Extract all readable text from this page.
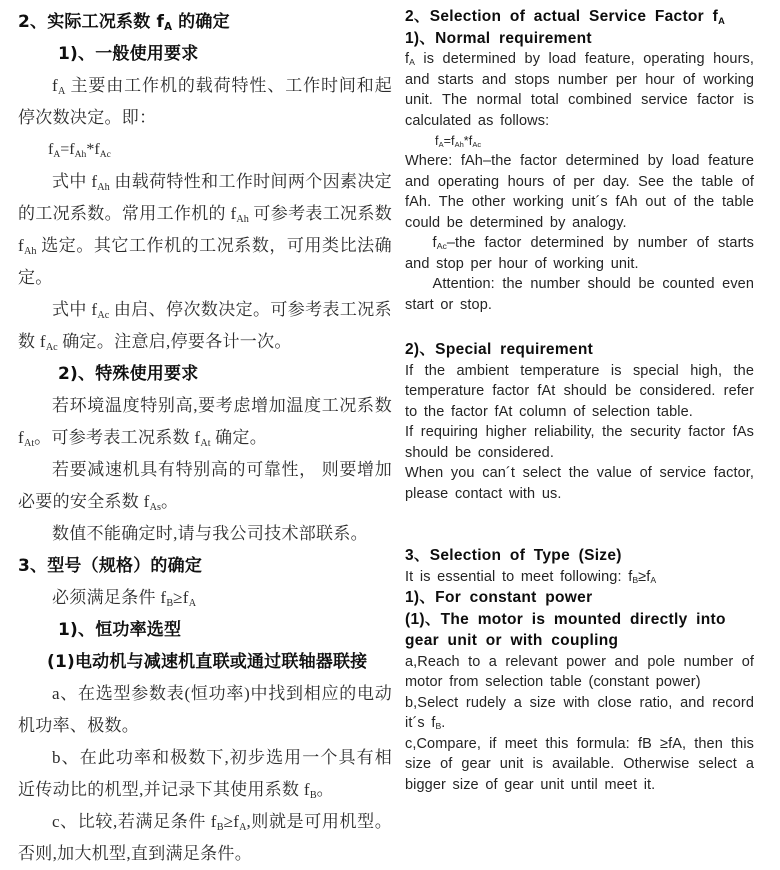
2、实际工况系数 $f_A$ 的确定
1)、一般使用要求
$f_A$ 主要由工作机的载荷特性、工作时间和起停次数决定。即：
$f_A=f_{Ah}*f_{Ac}$
式中 $f_{Ah}$ 由载荷特性和工作时间两个因素决定的工况系数。常用工作机的 $f_{Ah}$ 可参考表工况系数 $f_{Ah}$ 选定。其它工作机的工况系数，可用类比法确定。
式中 $f_{Ac}$ 由启、停次数决定。可参考表工况系数 $f_{Ac}$ 确定。注意启,停要各计一次。
2)、特殊使用要求
若环境温度特别高,要考虑增加温度工况系数 $f_{At}$。可参考表工况系数 $f_{At}$ 确定。
若要减速机具有特别高的可靠性， 则要增加必要的安全系数 $f_{As}$。
数值不能确定时,请与我公司技术部联系。
3、型号（规格）的确定
必须满足条件 $f_B\ge f_A$
1)、恒功率选型
(1)电动机与减速机直联或通过联轴器联接
a、在选型参数表(恒功率)中找到相应的电动机功率、极数。
b、在此功率和极数下,初步选用一个具有相近传动比的机型,并记录下其使用系数 $f_B$。
c、比较,若满足条件 $f_B\ge f_A$,则就是可用机型。否则,加大机型,直到满足条件。
2、Selection of actual Service Factor $f_A$
1)、Normal requirement
$f_A$ is determined by load feature, operating hours, and starts and stops number per hour of working unit. The normal total combined service factor is calculated as follows:
$f_A=f_{Ah}*f_{Ac}$
Where: fAh–the factor determined by load feature and operating hours of per day. See the table of fAh. The other working unit´s fAh out of the table could be determined by analogy.
$f_{Ac}$–the factor determined by number of starts and stop per hour of working unit.
Attention: the number should be counted even start or stop.
2)、Special requirement
If the ambient temperature is special high, the temperature factor fAt should be considered. refer to the factor fAt column of selection table.
If requiring higher reliability, the security factor fAs should be considered.
When you can´t select the value of service factor, please contact with us.
3、Selection of Type (Size)
It is essential to meet following: $f_B\ge f_A$
1)、For constant power
(1)、The motor is mounted directly into gear unit or with coupling
a,Reach to a relevant power and pole number of motor from selection table (constant power)
b,Select rudely a size with close ratio, and record it´s $f_B$.
c,Compare, if meet this formula: fB ≥fA, then this size of gear unit is available. Otherwise select a bigger size of gear unit until meet it.
